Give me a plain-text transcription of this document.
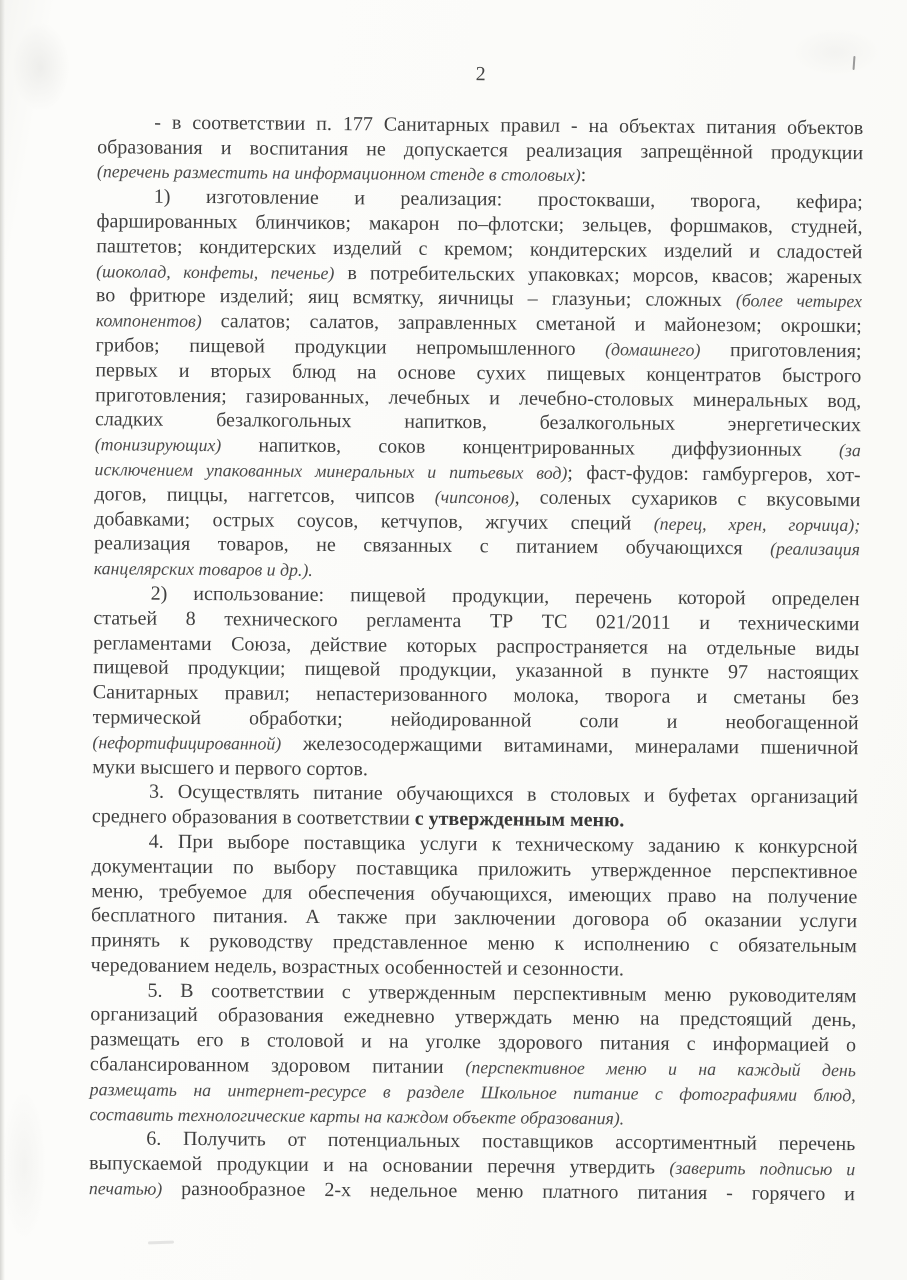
2
- в соответствии п. 177 Санитарных правил - на объектах питания объектов
образования и воспитания не допускается реализация запрещённой продукции
(перечень разместить на информационном стенде в столовых):
1) изготовление и реализация: простокваши, творога, кефира;
фаршированных блинчиков; макарон по–флотски; зельцев, форшмаков, студней,
паштетов; кондитерских изделий с кремом; кондитерских изделий и сладостей
(шоколад, конфеты, печенье) в потребительских упаковках; морсов, квасов; жареных
во фритюре изделий; яиц всмятку, яичницы – глазуньи; сложных (более четырех
компонентов) салатов; салатов, заправленных сметаной и майонезом; окрошки;
грибов; пищевой продукции непромышленного (домашнего) приготовления;
первых и вторых блюд на основе сухих пищевых концентратов быстрого
приготовления; газированных, лечебных и лечебно-столовых минеральных вод,
сладких безалкогольных напитков, безалкогольных энергетических
(тонизирующих) напитков, соков концентрированных диффузионных (за
исключением упакованных минеральных и питьевых вод); фаст-фудов: гамбургеров, хот-
догов, пиццы, наггетсов, чипсов (чипсонов), соленых сухариков с вкусовыми
добавками; острых соусов, кетчупов, жгучих специй (перец, хрен, горчица);
реализация товаров, не связанных с питанием обучающихся (реализация
канцелярских товаров и др.).
2) использование: пищевой продукции, перечень которой определен
статьей 8 технического регламента ТР ТС 021/2011 и техническими
регламентами Союза, действие которых распространяется на отдельные виды
пищевой продукции; пищевой продукции, указанной в пункте 97 настоящих
Санитарных правил; непастеризованного молока, творога и сметаны без
термической обработки; нейодированной соли и необогащенной
(нефортифицированной) железосодержащими витаминами, минералами пшеничной
муки высшего и первого сортов.
3. Осуществлять питание обучающихся в столовых и буфетах организаций
среднего образования в соответствии с утвержденным меню.
4. При выборе поставщика услуги к техническому заданию к конкурсной
документации по выбору поставщика приложить утвержденное перспективное
меню, требуемое для обеспечения обучающихся, имеющих право на получение
бесплатного питания. А также при заключении договора об оказании услуги
принять к руководству представленное меню к исполнению с обязательным
чередованием недель, возрастных особенностей и сезонности.
5. В соответствии с утвержденным перспективным меню руководителям
организаций образования ежедневно утверждать меню на предстоящий день,
размещать его в столовой и на уголке здорового питания с информацией о
сбалансированном здоровом питании (перспективное меню и на каждый день
размещать на интернет-ресурсе в разделе Школьное питание с фотографиями блюд,
составить технологические карты на каждом объекте образования).
6. Получить от потенциальных поставщиков ассортиментный перечень
выпускаемой продукции и на основании перечня утвердить (заверить подписью и
печатью) разнообразное 2-х недельное меню платного питания - горячего и
